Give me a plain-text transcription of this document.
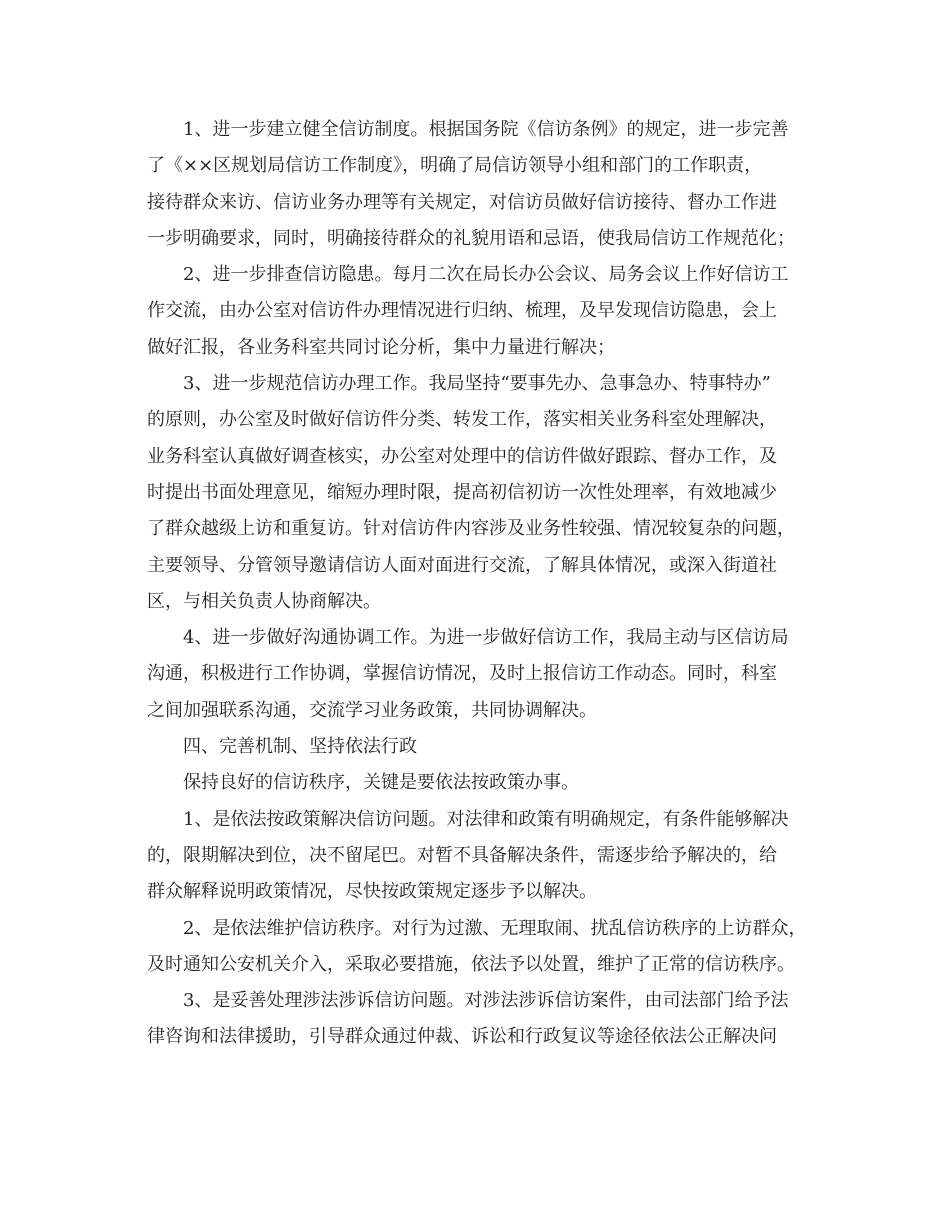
1、进一步建立健全信访制度。根据国务院《信访条例》的规定，进一步完善
了《××区规划局信访工作制度》，明确了局信访领导小组和部门的工作职责，
接待群众来访、信访业务办理等有关规定，对信访员做好信访接待、督办工作进
一步明确要求，同时，明确接待群众的礼貌用语和忌语，使我局信访工作规范化；
2、进一步排查信访隐患。每月二次在局长办公会议、局务会议上作好信访工
作交流，由办公室对信访件办理情况进行归纳、梳理，及早发现信访隐患，会上
做好汇报，各业务科室共同讨论分析，集中力量进行解决；
3、进一步规范信访办理工作。我局坚持“要事先办、急事急办、特事特办”
的原则，办公室及时做好信访件分类、转发工作，落实相关业务科室处理解决，
业务科室认真做好调查核实，办公室对处理中的信访件做好跟踪、督办工作，及
时提出书面处理意见，缩短办理时限，提高初信初访一次性处理率，有效地减少
了群众越级上访和重复访。针对信访件内容涉及业务性较强、情况较复杂的问题，
主要领导、分管领导邀请信访人面对面进行交流，了解具体情况，或深入街道社
区，与相关负责人协商解决。
4、进一步做好沟通协调工作。为进一步做好信访工作，我局主动与区信访局
沟通，积极进行工作协调，掌握信访情况，及时上报信访工作动态。同时，科室
之间加强联系沟通，交流学习业务政策，共同协调解决。
四、完善机制、坚持依法行政
保持良好的信访秩序，关键是要依法按政策办事。
1、是依法按政策解决信访问题。对法律和政策有明确规定，有条件能够解决
的，限期解决到位，决不留尾巴。对暂不具备解决条件，需逐步给予解决的，给
群众解释说明政策情况，尽快按政策规定逐步予以解决。
2、是依法维护信访秩序。对行为过激、无理取闹、扰乱信访秩序的上访群众，
及时通知公安机关介入，采取必要措施，依法予以处置，维护了正常的信访秩序。
3、是妥善处理涉法涉诉信访问题。对涉法涉诉信访案件，由司法部门给予法
律咨询和法律援助，引导群众通过仲裁、诉讼和行政复议等途径依法公正解决问
